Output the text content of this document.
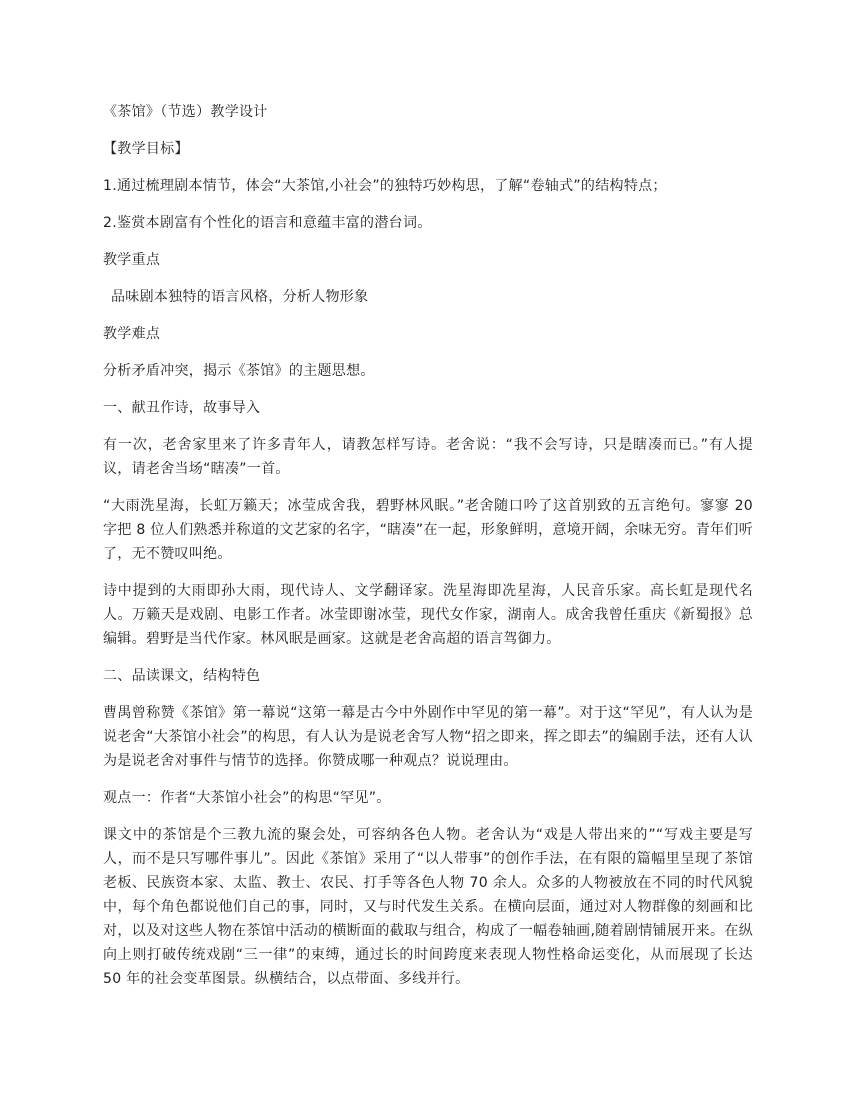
《茶馆》（节选）教学设计

【教学目标】

1.通过梳理剧本情节，体会“大茶馆,小社会”的独特巧妙构思，了解“卷轴式”的结构特点；

2.鉴赏本剧富有个性化的语言和意蕴丰富的潜台词。

教学重点

品味剧本独特的语言风格，分析人物形象

教学难点

分析矛盾冲突，揭示《茶馆》的主题思想。

一、献丑作诗，故事导入

有一次，老舍家里来了许多青年人，请教怎样写诗。老舍说：“我不会写诗，只是瞎凑而已。”有人提议，请老舍当场“瞎凑”一首。

“大雨洗星海，长虹万籁天；冰莹成舍我，碧野林风眠。”老舍随口吟了这首别致的五言绝句。寥寥 20 字把 8 位人们熟悉并称道的文艺家的名字，“瞎凑”在一起，形象鲜明，意境开阔，余味无穷。青年们听了，无不赞叹叫绝。

诗中提到的大雨即孙大雨，现代诗人、文学翻译家。洗星海即冼星海，人民音乐家。高长虹是现代名人。万籁天是戏剧、电影工作者。冰莹即谢冰莹，现代女作家，湖南人。成舍我曾任重庆《新蜀报》总编辑。碧野是当代作家。林风眠是画家。这就是老舍高超的语言驾御力。

二、品读课文，结构特色

曹禺曾称赞《茶馆》第一幕说“这第一幕是古今中外剧作中罕见的第一幕”。对于这“罕见”，有人认为是说老舍“大茶馆小社会”的构思，有人认为是说老舍写人物“招之即来，挥之即去”的编剧手法，还有人认为是说老舍对事件与情节的选择。你赞成哪一种观点？说说理由。

观点一：作者“大茶馆小社会”的构思“罕见”。

课文中的茶馆是个三教九流的聚会处，可容纳各色人物。老舍认为“戏是人带出来的”“写戏主要是写人，而不是只写哪件事儿”。因此《茶馆》采用了“以人带事”的创作手法，在有限的篇幅里呈现了茶馆老板、民族资本家、太监、教士、农民、打手等各色人物 70 余人。众多的人物被放在不同的时代风貌中，每个角色都说他们自己的事，同时，又与时代发生关系。在横向层面，通过对人物群像的刻画和比对，以及对这些人物在茶馆中活动的横断面的截取与组合，构成了一幅卷轴画,随着剧情铺展开来。在纵向上则打破传统戏剧“三一律”的束缚，通过长的时间跨度来表现人物性格命运变化，从而展现了长达 50 年的社会变革图景。纵横结合，以点带面、多线并行。
